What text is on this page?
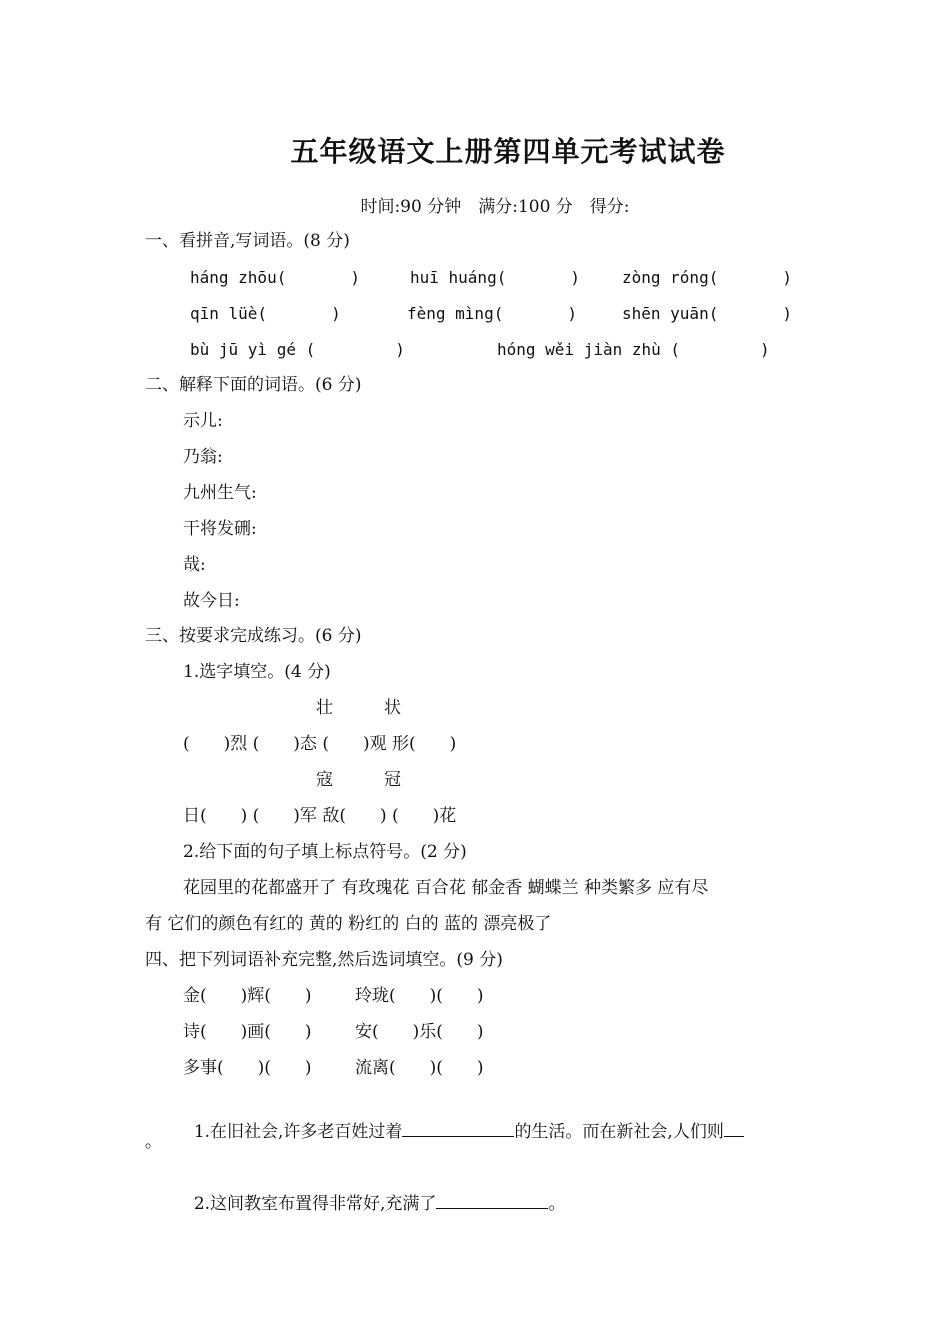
五年级语文上册第四单元考试试卷
时间:90 分钟　满分:100 分　得分:
一、看拼音,写词语。(8 分)
háng zhōu(　　　　)	huī huáng(　　　　)	zòng róng(　　　　)
qīn lüè(　　　　)	fèng mìng(　　　　)	shēn yuān(　　　　)
bù jū yì gé (　　　　　)	hóng wěi jiàn zhù (　　　　　)
二、解释下面的词语。(6 分)
示儿:
乃翁:
九州生气:
干将发硎:
哉:
故今日:
三、按要求完成练习。(6 分)
1.选字填空。(4 分)
壮　　　状
(　　)烈 (　　)态 (　　)观 形(　　)
寇　　　冠
日(　　) (　　)军 敌(　　) (　　)花
2.给下面的句子填上标点符号。(2 分)
花园里的花都盛开了 有玫瑰花 百合花 郁金香 蝴蝶兰 种类繁多 应有尽
有 它们的颜色有红的 黄的 粉红的 白的 蓝的 漂亮极了
四、把下列词语补充完整,然后选词填空。(9 分)
金(　　)辉(　　)	玲珑(　　)(　　)
诗(　　)画(　　)	安(　　)乐(　　)
多事(　　)(　　)	流离(　　)(　　)

1.在旧社会,许多老百姓过着	的生活。而在新社会,人们则

。

2.这间教室布置得非常好,充满了	。
